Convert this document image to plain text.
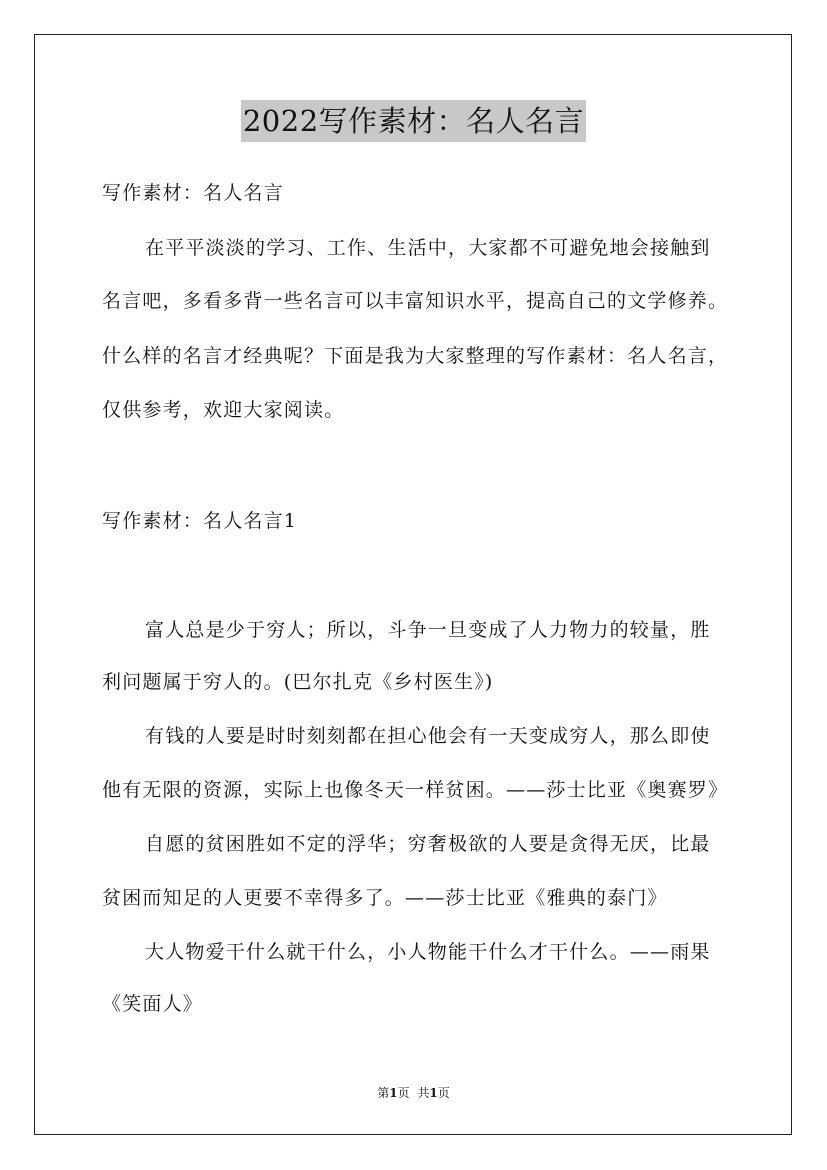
2022写作素材：名人名言
写作素材：名人名言
在平平淡淡的学习、工作、生活中，大家都不可避免地会接触到
名言吧，多看多背一些名言可以丰富知识水平，提高自己的文学修养。
什么样的名言才经典呢？下面是我为大家整理的写作素材：名人名言，
仅供参考，欢迎大家阅读。
写作素材：名人名言1
富人总是少于穷人；所以，斗争一旦变成了人力物力的较量，胜
利问题属于穷人的。(巴尔扎克《乡村医生》)
有钱的人要是时时刻刻都在担心他会有一天变成穷人，那么即使
他有无限的资源，实际上也像冬天一样贫困。——莎士比亚《奥赛罗》
自愿的贫困胜如不定的浮华；穷奢极欲的人要是贪得无厌，比最
贫困而知足的人更要不幸得多了。——莎士比亚《雅典的泰门》
大人物爱干什么就干什么，小人物能干什么才干什么。——雨果
《笑面人》
第1页 共1页
